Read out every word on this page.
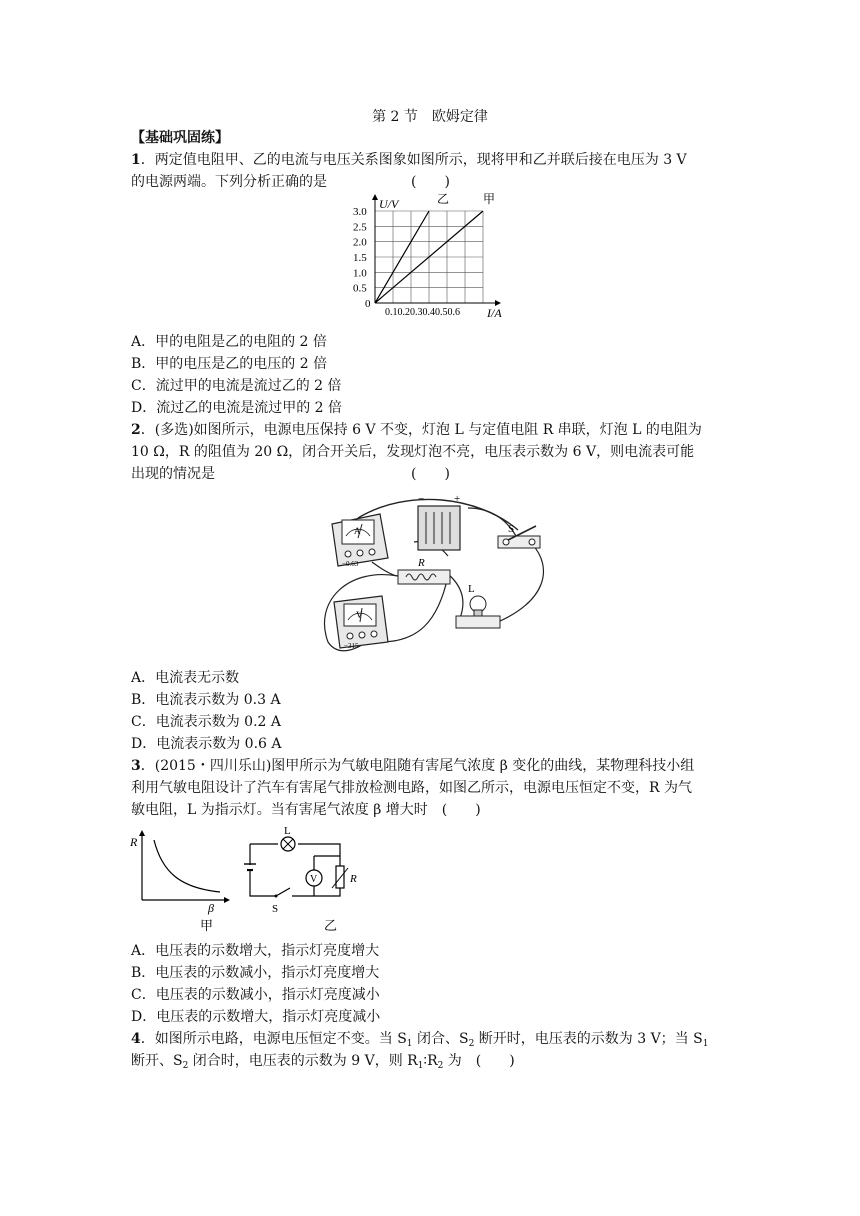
第 2 节　欧姆定律
【基础巩固练】
1．两定值电阻甲、乙的电流与电压关系图象如图所示，现将甲和乙并联后接在电压为 3 V
的电源两端。下列分析正确的是　　　　　　(　　)
U/V
I/A
0.10.20.30.40.50.6
3.0
2.5
2.0
1.5
1.0
0.5
0
乙	甲
A．甲的电阻是乙的电阻的 2 倍
B．甲的电压是乙的电压的 2 倍
C．流过甲的电流是流过乙的 2 倍
D．流过乙的电流是流过甲的 2 倍
2．(多选)如图所示，电源电压保持 6 V 不变，灯泡 L 与定值电阻 R 串联，灯泡 L 的电阻为
10 Ω，R 的阻值为 20 Ω，闭合开关后，发现灯泡不亮，电压表示数为 6 V，则电流表可能
出现的情况是　　　　　　　　　　　　　　(　　)
A
−0.63
−	+
S
R
L
V
−315
A．电流表无示数
B．电流表示数为 0.3 A
C．电流表示数为 0.2 A
D．电流表示数为 0.6 A
3．(2015・四川乐山)图甲所示为气敏电阻随有害尾气浓度 β 变化的曲线，某物理科技小组
利用气敏电阻设计了汽车有害尾气排放检测电路，如图乙所示，电源电压恒定不变，R 为气
敏电阻，L 为指示灯。当有害尾气浓度 β 增大时　(　　)
R
β
甲
L
V	R
S
乙
A．电压表的示数增大，指示灯亮度增大
B．电压表的示数减小，指示灯亮度增大
C．电压表的示数减小，指示灯亮度减小
D．电压表的示数增大，指示灯亮度减小
4．如图所示电路，电源电压恒定不变。当 $S_1$ 闭合、$S_2$ 断开时，电压表的示数为 3 V；当 $S_1$
断开、$S_2$ 闭合时，电压表的示数为 9 V，则 $R_1∶R_2$ 为　(　　)
